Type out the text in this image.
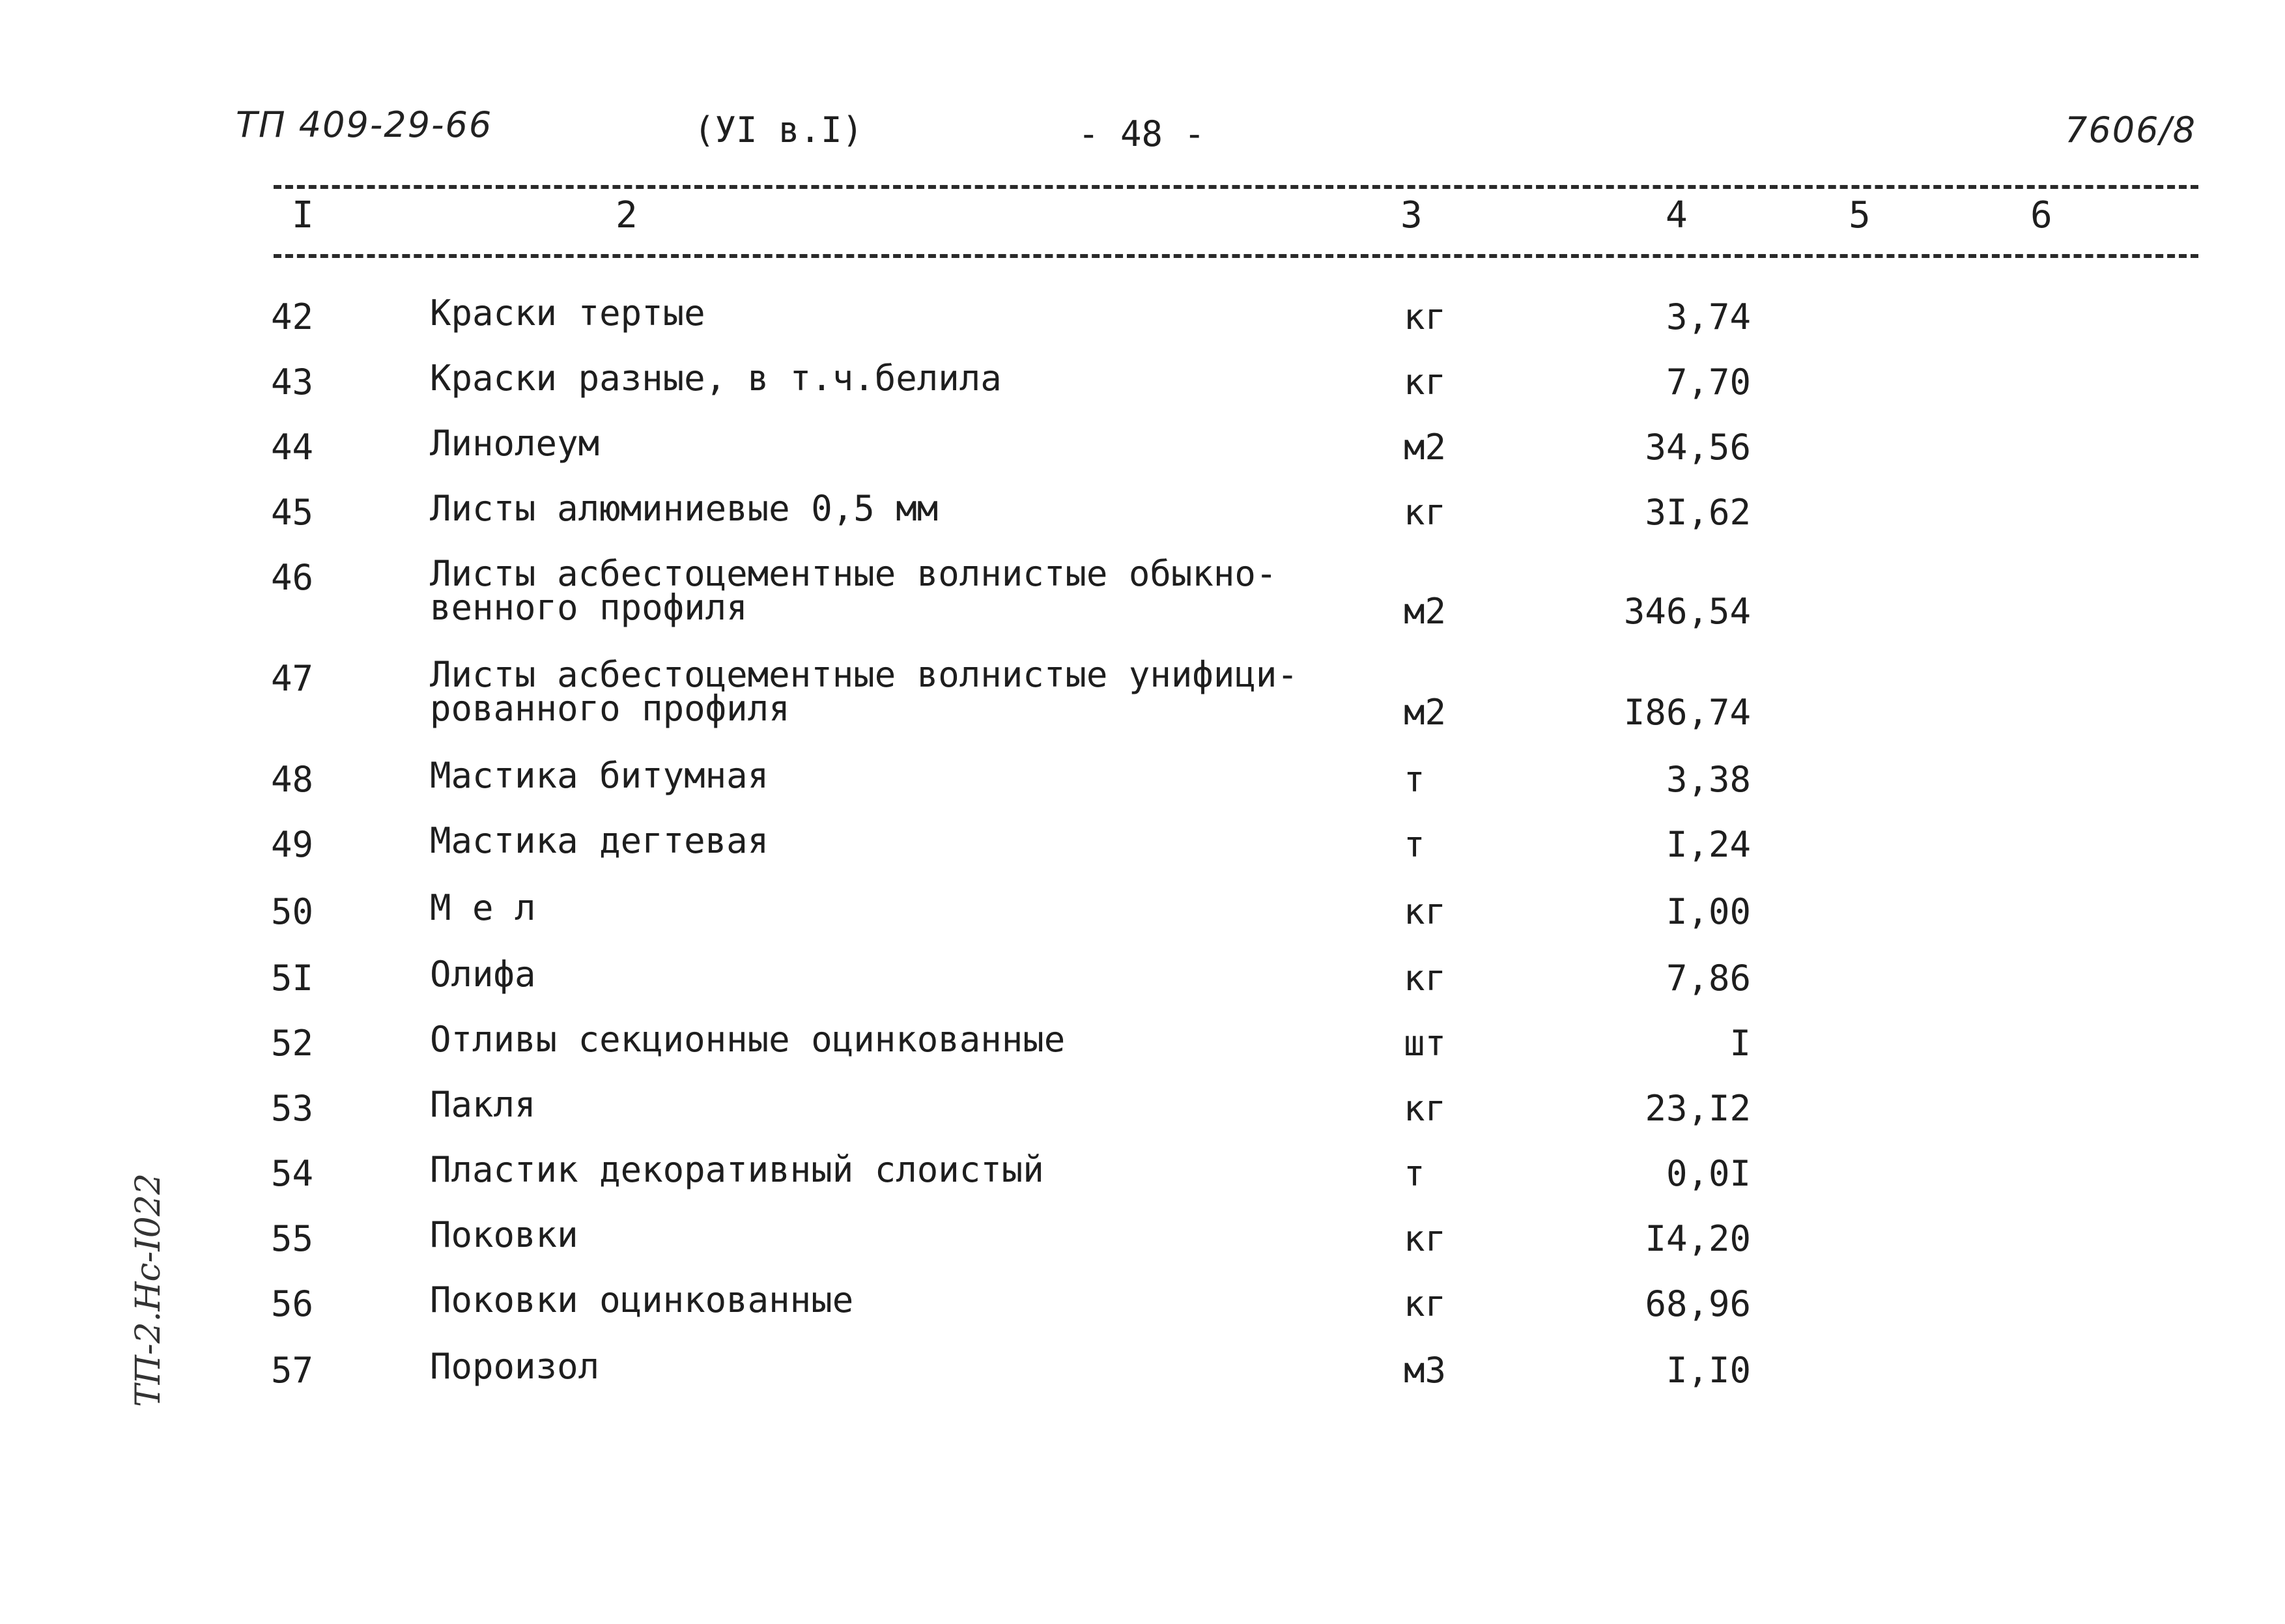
ТП 409-29-66	(УI в.I)	- 48 -	7606/8
I	2	3	4	5	6
42	Краски тертые	кг	3,74
43	Краски разные, в т.ч.белила	кг	7,70
44	Линолеум	м2	34,56
45	Листы алюминиевые 0,5 мм	кг	3I,62
46	Листы асбестоцементные волнистые обыкно-
венного профиля	м2	346,54
47	Листы асбестоцементные волнистые унифици-
рованного профиля	м2	I86,74
48	Мастика битумная	т	3,38
49	Мастика дегтевая	т	I,24
50	М е л	кг	I,00
5I	Олифа	кг	7,86
52	Отливы секционные оцинкованные	шт	I
53	Пакля	кг	23,I2
54	Пластик декоративный слоистый	т	0,0I
55	Поковки	кг	I4,20
56	Поковки оцинкованные	кг	68,96
57	Пороизол	м3	I,I0
ТП-2.Нс-I022
